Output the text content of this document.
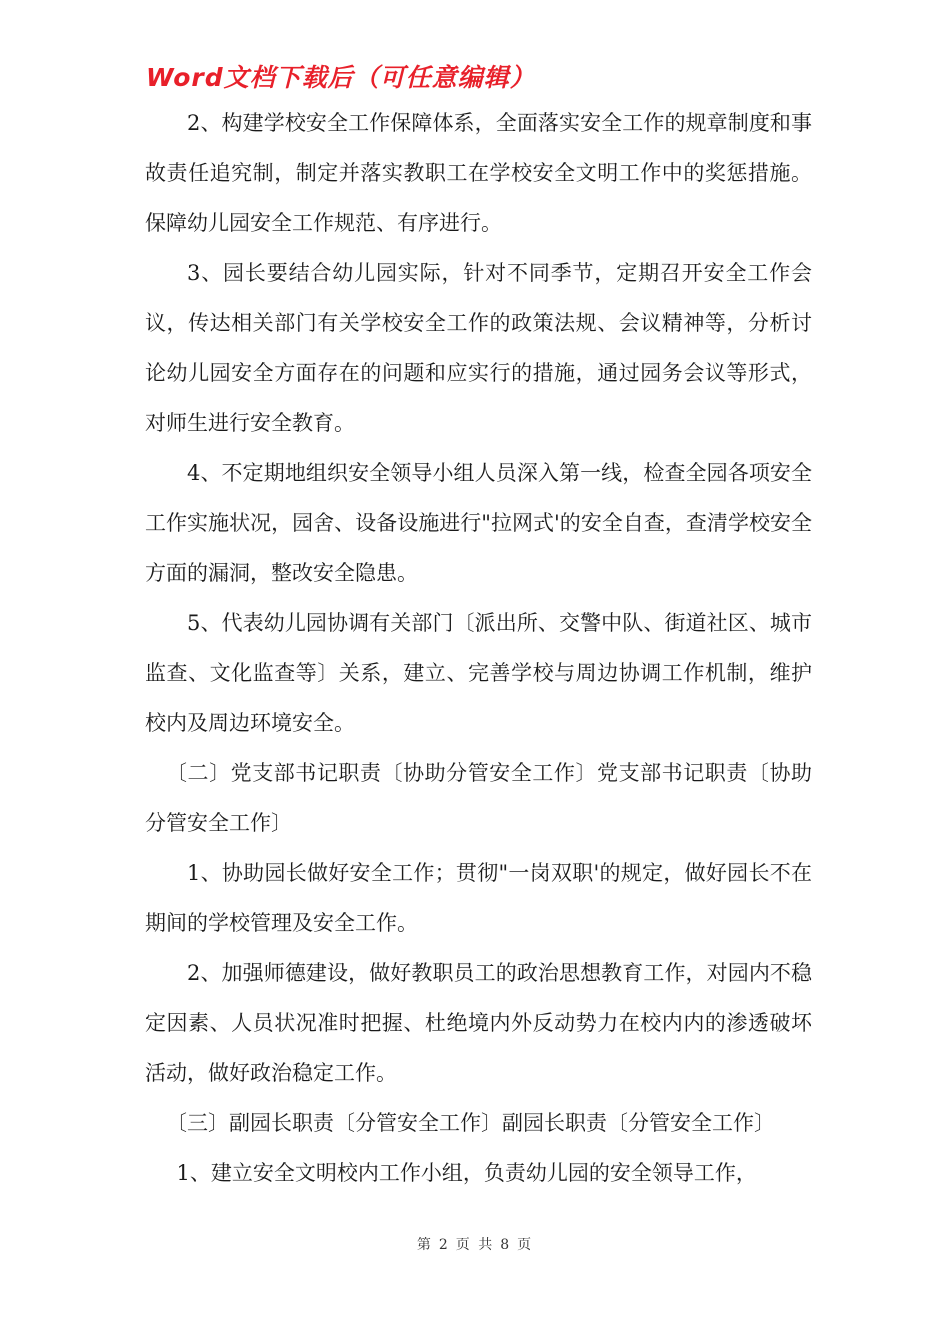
Word文档下载后（可任意编辑）

2、构建学校安全工作保障体系，全面落实安全工作的规章制度和事故责任追究制，制定并落实教职工在学校安全文明工作中的奖惩措施。保障幼儿园安全工作规范、有序进行。

3、园长要结合幼儿园实际，针对不同季节，定期召开安全工作会议，传达相关部门有关学校安全工作的政策法规、会议精神等，分析讨论幼儿园安全方面存在的问题和应实行的措施，通过园务会议等形式，对师生进行安全教育。

4、不定期地组织安全领导小组人员深入第一线，检查全园各项安全工作实施状况，园舍、设备设施进行"拉网式'的安全自查，查清学校安全方面的漏洞，整改安全隐患。

5、代表幼儿园协调有关部门〔派出所、交警中队、街道社区、城市监查、文化监查等〕关系，建立、完善学校与周边协调工作机制，维护校内及周边环境安全。

〔二〕党支部书记职责〔协助分管安全工作〕党支部书记职责〔协助分管安全工作〕

1、协助园长做好安全工作；贯彻"一岗双职'的规定，做好园长不在期间的学校管理及安全工作。

2、加强师德建设，做好教职员工的政治思想教育工作，对园内不稳定因素、人员状况准时把握、杜绝境内外反动势力在校内内的渗透破坏活动，做好政治稳定工作。

〔三〕副园长职责〔分管安全工作〕副园长职责〔分管安全工作〕

1、建立安全文明校内工作小组，负责幼儿园的安全领导工作，

第 2 页 共 8 页
